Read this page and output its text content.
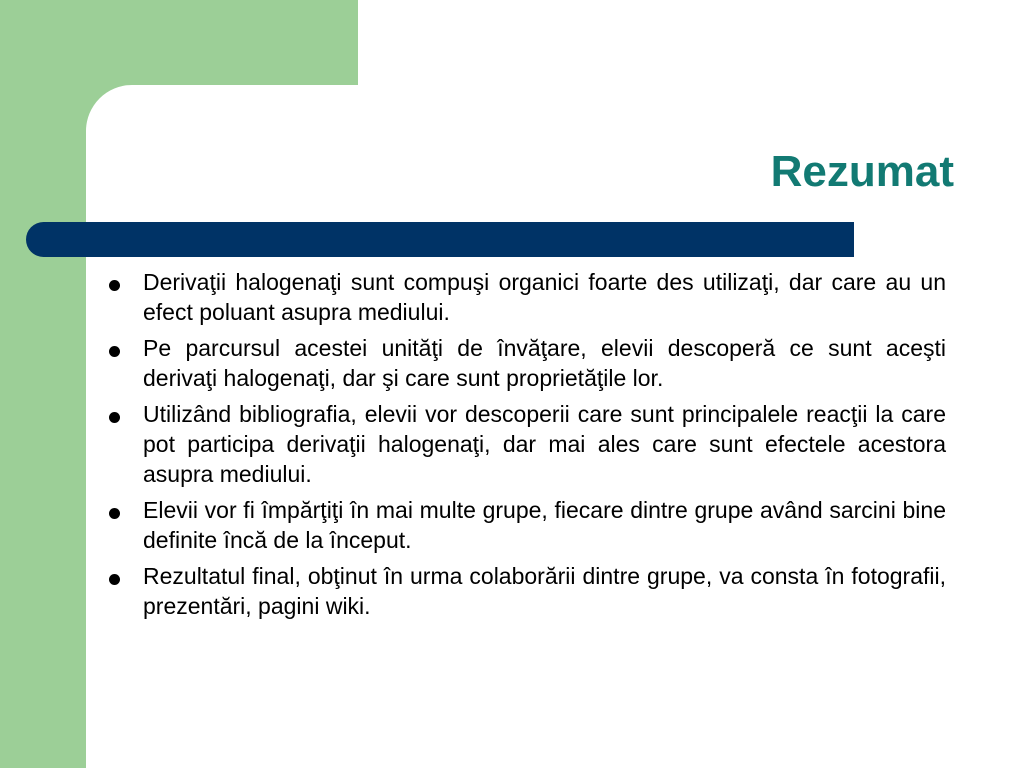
Rezumat
Derivaţii halogenaţi sunt compuşi organici foarte des utilizaţi, dar care au un efect poluant asupra mediului.
Pe parcursul acestei unităţi de învăţare, elevii descoperă ce sunt aceşti derivaţi halogenaţi, dar şi care sunt proprietăţile lor.
Utilizând bibliografia, elevii vor descoperii care sunt principalele reacţii la care pot participa derivaţii halogenaţi, dar mai ales care sunt efectele acestora asupra mediului.
Elevii vor fi împărţiţi în mai multe grupe, fiecare dintre grupe având sarcini bine definite încă de la început.
Rezultatul final, obţinut în urma colaborării dintre grupe, va consta în fotografii, prezentări, pagini wiki.
